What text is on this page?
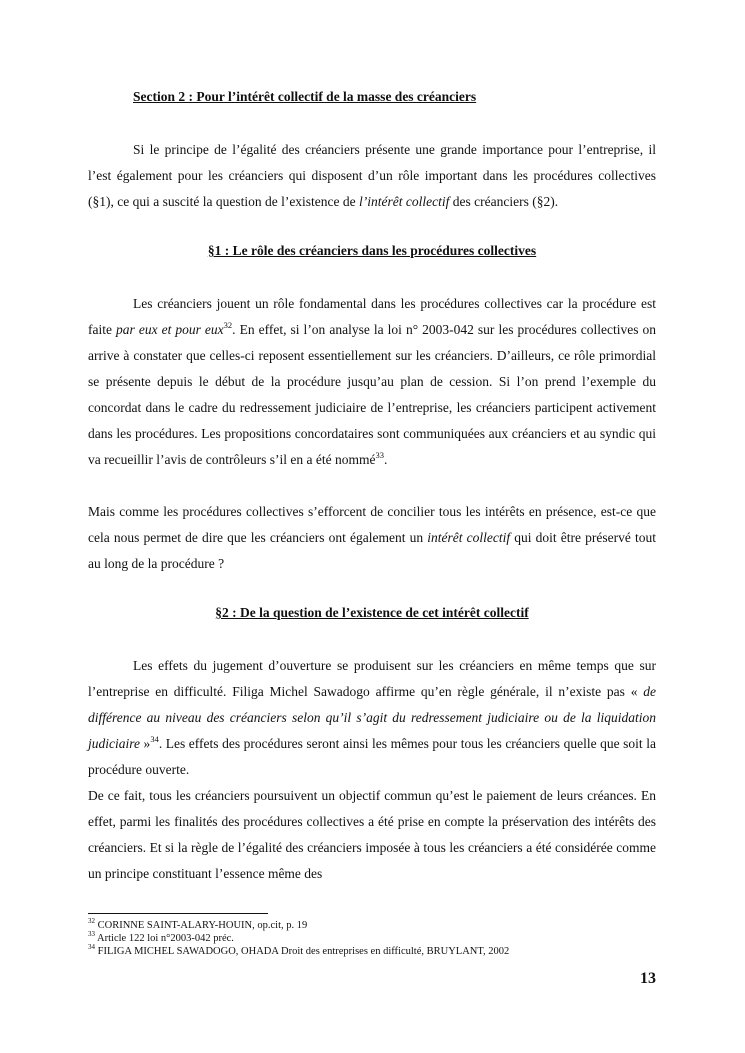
Section 2 : Pour l’intérêt collectif de la masse des créanciers

Si le principe de l’égalité des créanciers présente une grande importance pour l’entreprise, il l’est également pour les créanciers qui disposent d’un rôle important dans les procédures collectives (§1), ce qui a suscité la question de l’existence de l’intérêt collectif des créanciers (§2).

§1 : Le rôle des créanciers dans les procédures collectives

Les créanciers jouent un rôle fondamental dans les procédures collectives car la procédure est faite par eux et pour eux$^{32}$. En effet, si l’on analyse la loi n° 2003-042 sur les procédures collectives on arrive à constater que celles-ci reposent essentiellement sur les créanciers. D’ailleurs, ce rôle primordial se présente depuis le début de la procédure jusqu’au plan de cession. Si l’on prend l’exemple du concordat dans le cadre du redressement judiciaire de l’entreprise, les créanciers participent activement dans les procédures. Les propositions concordataires sont communiquées aux créanciers et au syndic qui va recueillir l’avis de contrôleurs s’il en a été nommé$^{33}$.

Mais comme les procédures collectives s’efforcent de concilier tous les intérêts en présence, est-ce que cela nous permet de dire que les créanciers ont également un intérêt collectif qui doit être préservé tout au long de la procédure ?

§2 : De la question de l’existence de cet intérêt collectif

Les effets du jugement d’ouverture se produisent sur les créanciers en même temps que sur l’entreprise en difficulté. Filiga Michel Sawadogo affirme qu’en règle générale, il n’existe pas « de différence au niveau des créanciers selon qu’il s’agit du redressement judiciaire ou de la liquidation judiciaire »$^{34}$. Les effets des procédures seront ainsi les mêmes pour tous les créanciers quelle que soit la procédure ouverte.

De ce fait, tous les créanciers poursuivent un objectif commun qu’est le paiement de leurs créances. En effet, parmi les finalités des procédures collectives a été prise en compte la préservation des intérêts des créanciers. Et si la règle de l’égalité des créanciers imposée à tous les créanciers a été considérée comme un principe constituant l’essence même des

$^{32}$ CORINNE SAINT-ALARY-HOUIN, op.cit, p. 19
$^{33}$ Article 122 loi n°2003-042 préc.
$^{34}$ FILIGA MICHEL SAWADOGO, OHADA Droit des entreprises en difficulté, BRUYLANT, 2002
13
